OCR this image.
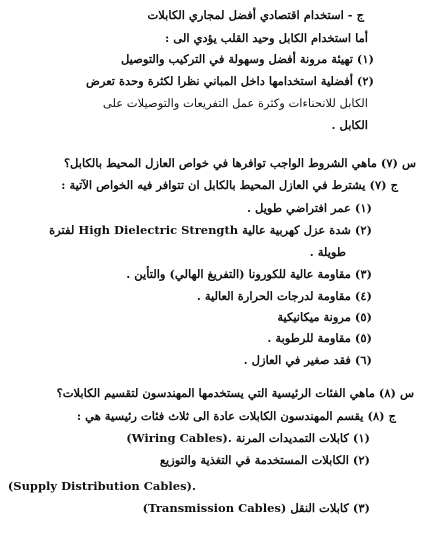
ج - استخدام اقتصادي أفضل لمجاري الكابلات
أما استخدام الكابل وحيد القلب يؤدي الى :
(١) تهيئة مرونة أفضل وسهولة في التركيب والتوصيل
(٢) أفضلية استخدامها داخل المباني نظرا لكثرة وحدة تعرض
الكابل للانحناءات وكثرة عمل التفريعات والتوصيلات على
الكابل .
س (٧) ماهي الشروط الواجب توافرها في خواص العازل المحيط بالكابل؟
ج (٧) يشترط في العازل المحيط بالكابل ان تتوافر فيه الخواص الآتية :
(١) عمر افتراضي طويل .
(٢) شدة عزل كهربية عالية High Dielectric Strength لفترة
طويلة .
(٣) مقاومة عالية للكورونا (التفريغ الهالي) والتأين .
(٤) مقاومة لدرجات الحرارة العالية .
(٥) مرونة ميكانيكية
(٥) مقاومة للرطوبة .
(٦) فقد صغير في العازل .
س (٨) ماهي الفئات الرئيسية التي يستخدمها المهندسون لتقسيم الكابلات؟
ج (٨) يقسم المهندسون الكابلات عادة الى ثلاث فئات رئيسية هي :
(١) كابلات التمديدات المرنة (Wiring Cables).
(٢) الكابلات المستخدمة في التغذية والتوزيع
(Supply Distribution Cables).
(٣) كابلات النقل (Transmission Cables)
